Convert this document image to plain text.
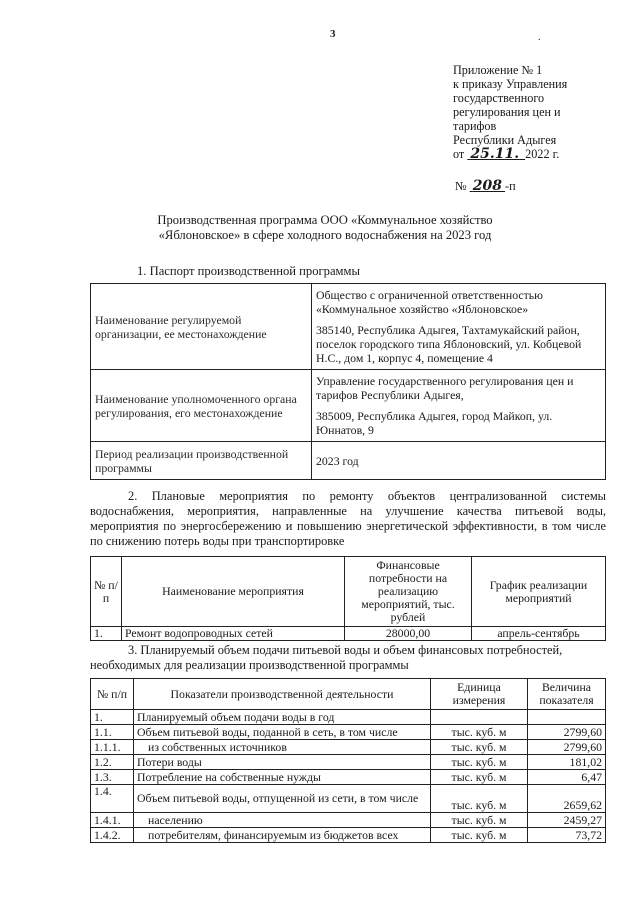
3	.
Приложение № 1
к приказу Управления
государственного
регулирования цен и
тарифов
Республики Адыгея
от 25.11. 2022 г.
№ 208 -п
Производственная программа ООО «Коммунальное хозяйство «Яблоновское» в сфере холодного водоснабжения на 2023 год
1. Паспорт производственной программы
Наименование регулируемой организации, ее местонахождение	Общество с ограниченной ответственностью «Коммунальное хозяйство «Яблоновское»

385140, Республика Адыгея, Тахтамукайский район, поселок городского типа Яблоновский, ул. Кобцевой Н.С., дом 1, корпус 4, помещение 4

Наименование уполномоченного органа регулирования, его местонахождение	Управление государственного регулирования цен и тарифов Республики Адыгея,

385009, Республика Адыгея, город Майкоп, ул. Юннатов, 9

Период реализации производственной программы	2023 год

2. Плановые мероприятия по ремонту объектов централизованной системы водоснабжения, мероприятия, направленные на улучшение качества питьевой воды, мероприятия по энергосбережению и повышению энергетической эффективности, в том числе по снижению потерь воды при транспортировке
№ п/п	Наименование мероприятия	Финансовые потребности на реализацию мероприятий, тыс. рублей	График реализации мероприятий
1.	Ремонт водопроводных сетей	28000,00	апрель-сентябрь
3. Планируемый объем подачи питьевой воды и объем финансовых потребностей, необходимых для реализации производственной программы
№ п/п	Показатели производственной деятельности	Единица измерения	Величина показателя
1.	Планируемый объем подачи воды в год		
1.1.	Объем питьевой воды, поданной в сеть, в том числе	тыс. куб. м	2799,60
1.1.1.	из собственных источников	тыс. куб. м	2799,60
1.2.	Потери воды	тыс. куб. м	181,02
1.3.	Потребление на собственные нужды	тыс. куб. м	6,47
1.4.	Объем питьевой воды, отпущенной из сети, в том числе	тыс. куб. м	2659,62
1.4.1.	населению	тыс. куб. м	2459,27
1.4.2.	потребителям, финансируемым из бюджетов всех	тыс. куб. м	73,72
